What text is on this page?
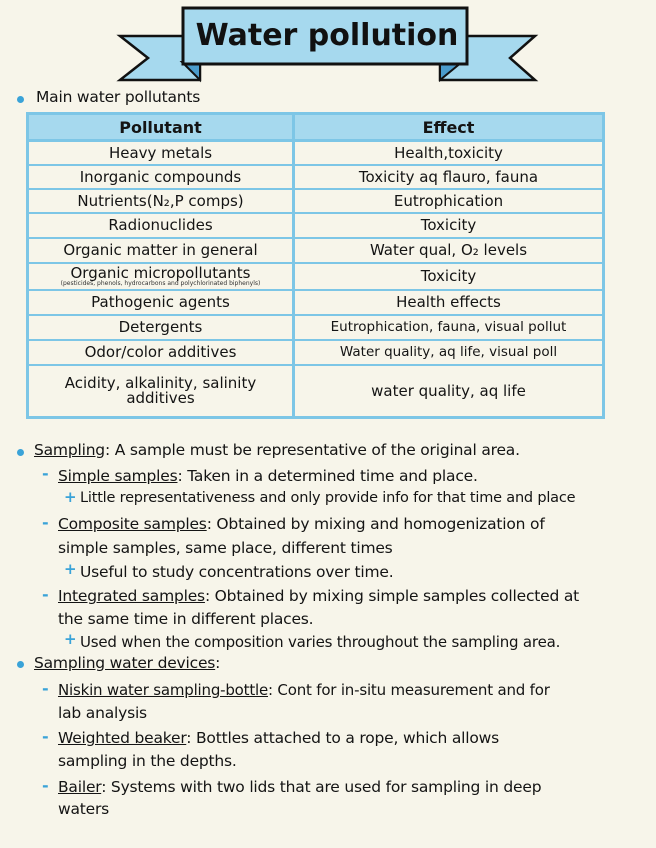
Water pollution
Main water pollutants
Pollutant	Effect
Heavy metals	Health,toxicity
Inorganic compounds	Toxicity aq flauro, fauna
Nutrients(N₂,P comps)	Eutrophication
Radionuclides	Toxicity
Organic matter in general	Water qual, O₂ levels
Organic micropollutants
(pesticides, phenols, hydrocarbons and polychlorinated biphenyls)	Toxicity
Pathogenic agents	Health effects
Detergents	Eutrophication, fauna, visual pollut
Odor/color additives	Water quality, aq life, visual poll
Acidity, alkalinity, salinity additives	water quality, aq life
Sampling: A sample must be representative of the original area.
- Simple samples: Taken in a determined time and place.
+ Little representativeness and only provide info for that time and place
- Composite samples: Obtained by mixing and homogenization of
simple samples, same place, different times
+ Useful to study concentrations over time.
- Integrated samples: Obtained by mixing simple samples collected at
the same time in different places.
+ Used when the composition varies throughout the sampling area.
Sampling water devices:
- Niskin water sampling-bottle: Cont for in-situ measurement and for
lab analysis
- Weighted beaker: Bottles attached to a rope, which allows
sampling in the depths.
- Bailer: Systems with two lids that are used for sampling in deep
waters
